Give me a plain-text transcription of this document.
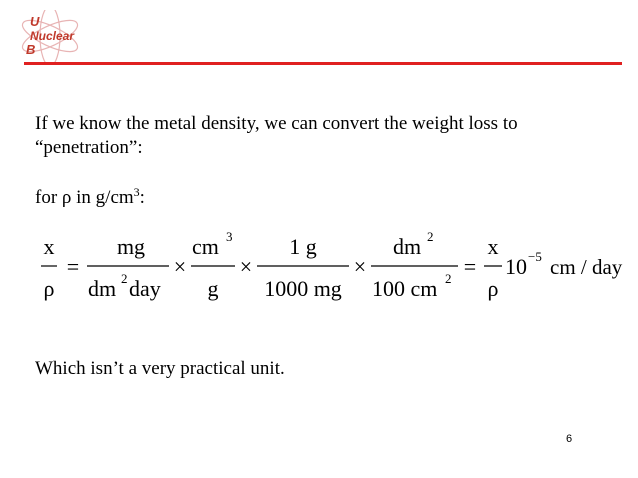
U
Nuclear
B

If we know the metal density, we can convert the weight loss to “penetration”:

for ρ in $g/cm^3$:
x
ρ
=
mg
dm 2 day
×
cm 3
g
×
1 g
1000 mg
×
dm 2
100 cm 2 =
x
ρ
10 −5 cm / day
Which isn’t a very practical unit.
6
